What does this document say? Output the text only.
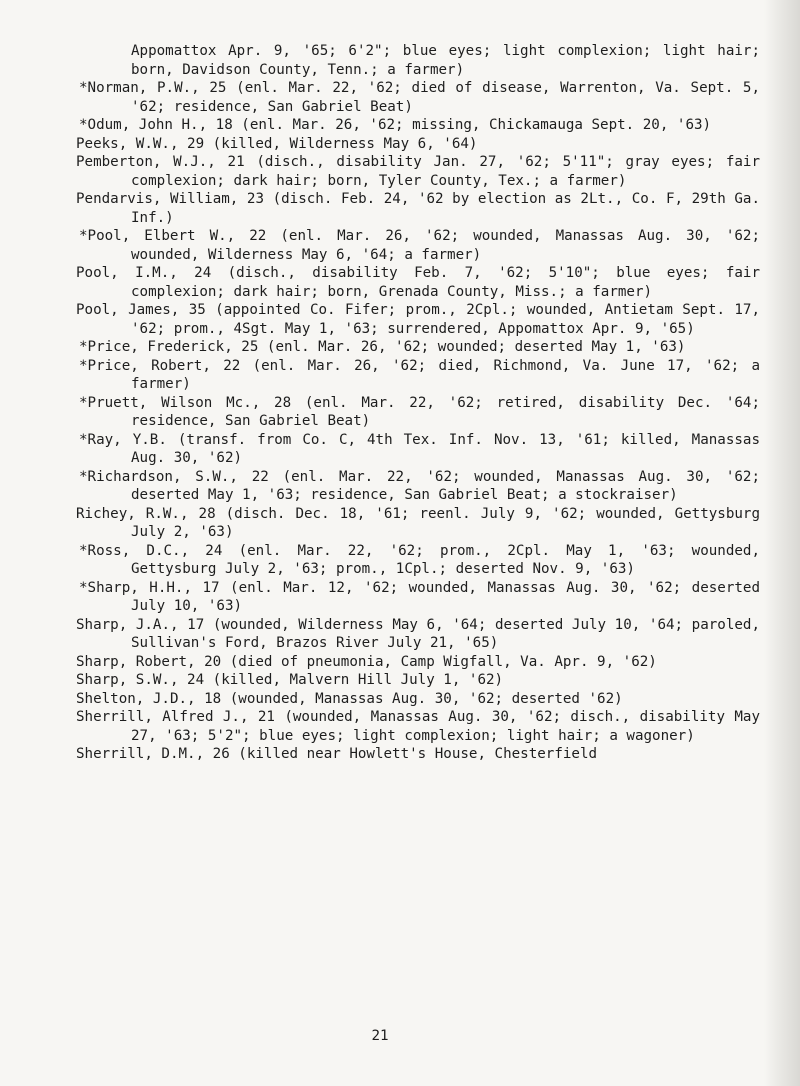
Appomattox Apr. 9, '65; 6'2"; blue eyes; light complexion; light hair; born, Davidson County, Tenn.; a farmer)
*Norman, P.W., 25 (enl. Mar. 22, '62; died of disease, Warrenton, Va. Sept. 5, '62; residence, San Gabriel Beat)
*Odum, John H., 18 (enl. Mar. 26, '62; missing, Chickamauga Sept. 20, '63)
Peeks, W.W., 29 (killed, Wilderness May 6, '64)
Pemberton, W.J., 21 (disch., disability Jan. 27, '62; 5'11"; gray eyes; fair complexion; dark hair; born, Tyler County, Tex.; a farmer)
Pendarvis, William, 23 (disch. Feb. 24, '62 by election as 2Lt., Co. F, 29th Ga. Inf.)
*Pool, Elbert W., 22 (enl. Mar. 26, '62; wounded, Manassas Aug. 30, '62; wounded, Wilderness May 6, '64; a farmer)
Pool, I.M., 24 (disch., disability Feb. 7, '62; 5'10"; blue eyes; fair complexion; dark hair; born, Grenada County, Miss.; a farmer)
Pool, James, 35 (appointed Co. Fifer; prom., 2Cpl.; wounded, Antietam Sept. 17, '62; prom., 4Sgt. May 1, '63; surrendered, Appomattox Apr. 9, '65)
*Price, Frederick, 25 (enl. Mar. 26, '62; wounded; deserted May 1, '63)
*Price, Robert, 22 (enl. Mar. 26, '62; died, Richmond, Va. June 17, '62; a farmer)
*Pruett, Wilson Mc., 28 (enl. Mar. 22, '62; retired, disability Dec. '64; residence, San Gabriel Beat)
*Ray, Y.B. (transf. from Co. C, 4th Tex. Inf. Nov. 13, '61; killed, Manassas Aug. 30, '62)
*Richardson, S.W., 22 (enl. Mar. 22, '62; wounded, Manassas Aug. 30, '62; deserted May 1, '63; residence, San Gabriel Beat; a stockraiser)
Richey, R.W., 28 (disch. Dec. 18, '61; reenl. July 9, '62; wounded, Gettysburg July 2, '63)
*Ross, D.C., 24 (enl. Mar. 22, '62; prom., 2Cpl. May 1, '63; wounded, Gettysburg July 2, '63; prom., 1Cpl.; deserted Nov. 9, '63)
*Sharp, H.H., 17 (enl. Mar. 12, '62; wounded, Manassas Aug. 30, '62; deserted July 10, '63)
Sharp, J.A., 17 (wounded, Wilderness May 6, '64; deserted July 10, '64; paroled, Sullivan's Ford, Brazos River July 21, '65)
Sharp, Robert, 20 (died of pneumonia, Camp Wigfall, Va. Apr. 9, '62)
Sharp, S.W., 24 (killed, Malvern Hill July 1, '62)
Shelton, J.D., 18 (wounded, Manassas Aug. 30, '62; deserted '62)
Sherrill, Alfred J., 21 (wounded, Manassas Aug. 30, '62; disch., disability May 27, '63; 5'2"; blue eyes; light complexion; light hair; a wagoner)
Sherrill, D.M., 26 (killed near Howlett's House, Chesterfield
21
